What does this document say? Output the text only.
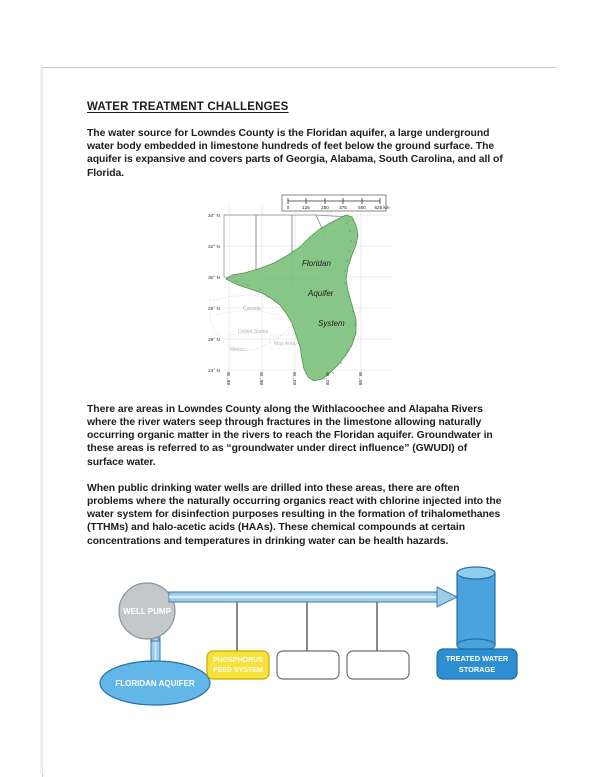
WATER TREATMENT CHALLENGES

The water source for Lowndes County is the Floridan aquifer, a large underground water body embedded in limestone hundreds of feet below the ground surface. The aquifer is expansive and covers parts of Georgia, Alabama, South Carolina, and all of Florida.

0	125 250 375 500 625 km
Floridan
Aquifer
System
34° N
32° N
30° N
28° N
26° N
24° N
88° W	86° W	84° W	82° W	80° W
Canada
United States
Mexico
Map Area

There are areas in Lowndes County along the Withlacoochee and Alapaha Rivers where the river waters seep through fractures in the limestone allowing naturally occurring organic matter in the rivers to reach the Floridan aquifer. Groundwater in these areas is referred to as “groundwater under direct influence” (GWUDI) of surface water.

When public drinking water wells are drilled into these areas, there are often problems where the naturally occurring organics react with chlorine injected into the water system for disinfection purposes resulting in the formation of trihalomethanes (TTHMs) and halo-acetic acids (HAAs). These chemical compounds at certain concentrations and temperatures in drinking water can be health hazards.

FLORIDAN AQUIFER
WELL PUMP
PHOSPHORUS
FEED SYSTEM
TREATED WATER
STORAGE
